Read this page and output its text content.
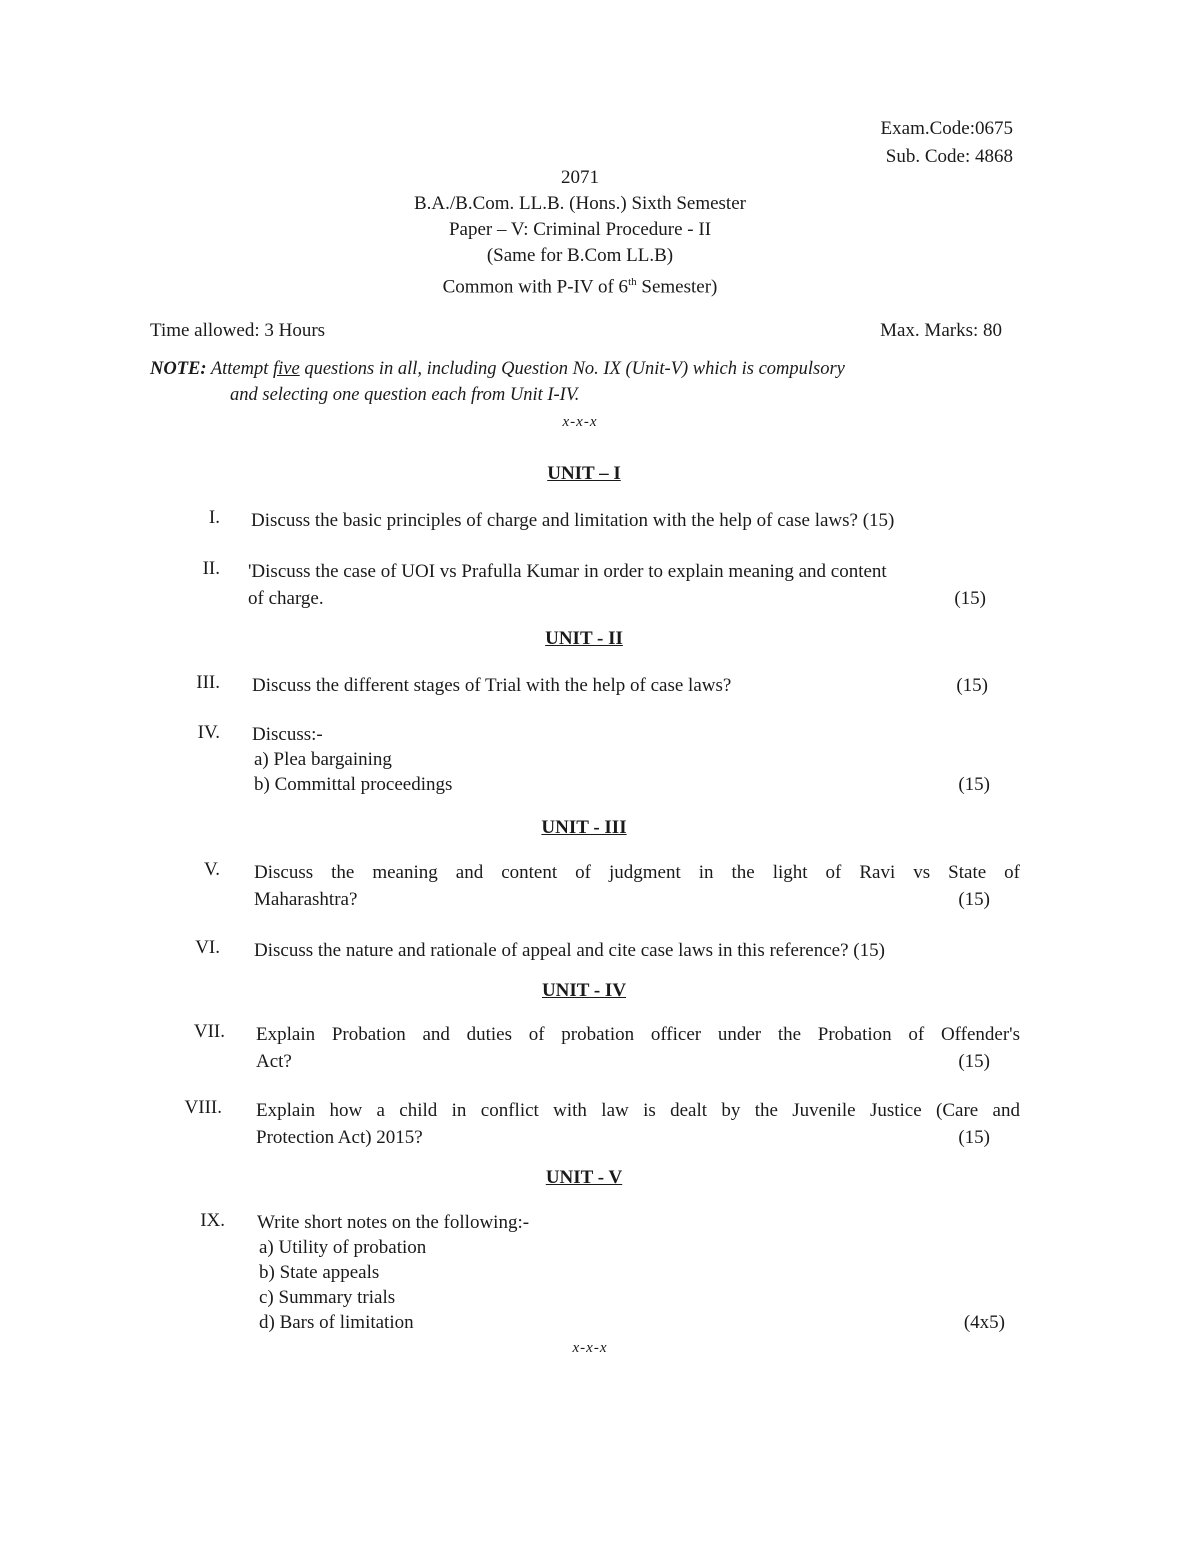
Exam.Code:0675
Sub. Code: 4868
2071
B.A./B.Com. LL.B. (Hons.) Sixth Semester
Paper – V: Criminal Procedure - II
(Same for B.Com LL.B)
Common with P-IV of 6th Semester)
Time allowed: 3 Hours	Max. Marks: 80
NOTE: Attempt five questions in all, including Question No. IX (Unit-V) which is compulsory
and selecting one question each from Unit I-IV.
x-x-x
UNIT – I
I. Discuss the basic principles of charge and limitation with the help of case laws? (15)
II. 'Discuss the case of UOI vs Prafulla Kumar in order to explain meaning and content
of charge.	(15)
UNIT - II
III. Discuss the different stages of Trial with the help of case laws?	(15)
IV. Discuss:-
a) Plea bargaining
b) Committal proceedings	(15)
UNIT - III
V. Discuss the meaning and content of judgment in the light of Ravi vs State of
Maharashtra?	(15)
VI. Discuss the nature and rationale of appeal and cite case laws in this reference? (15)
UNIT - IV
VII. Explain Probation and duties of probation officer under the Probation of Offender's
Act?	(15)
VIII. Explain how a child in conflict with law is dealt by the Juvenile Justice (Care and
Protection Act) 2015?	(15)
UNIT - V
IX. Write short notes on the following:-
a) Utility of probation
b) State appeals
c) Summary trials
d) Bars of limitation	(4x5)
x-x-x
